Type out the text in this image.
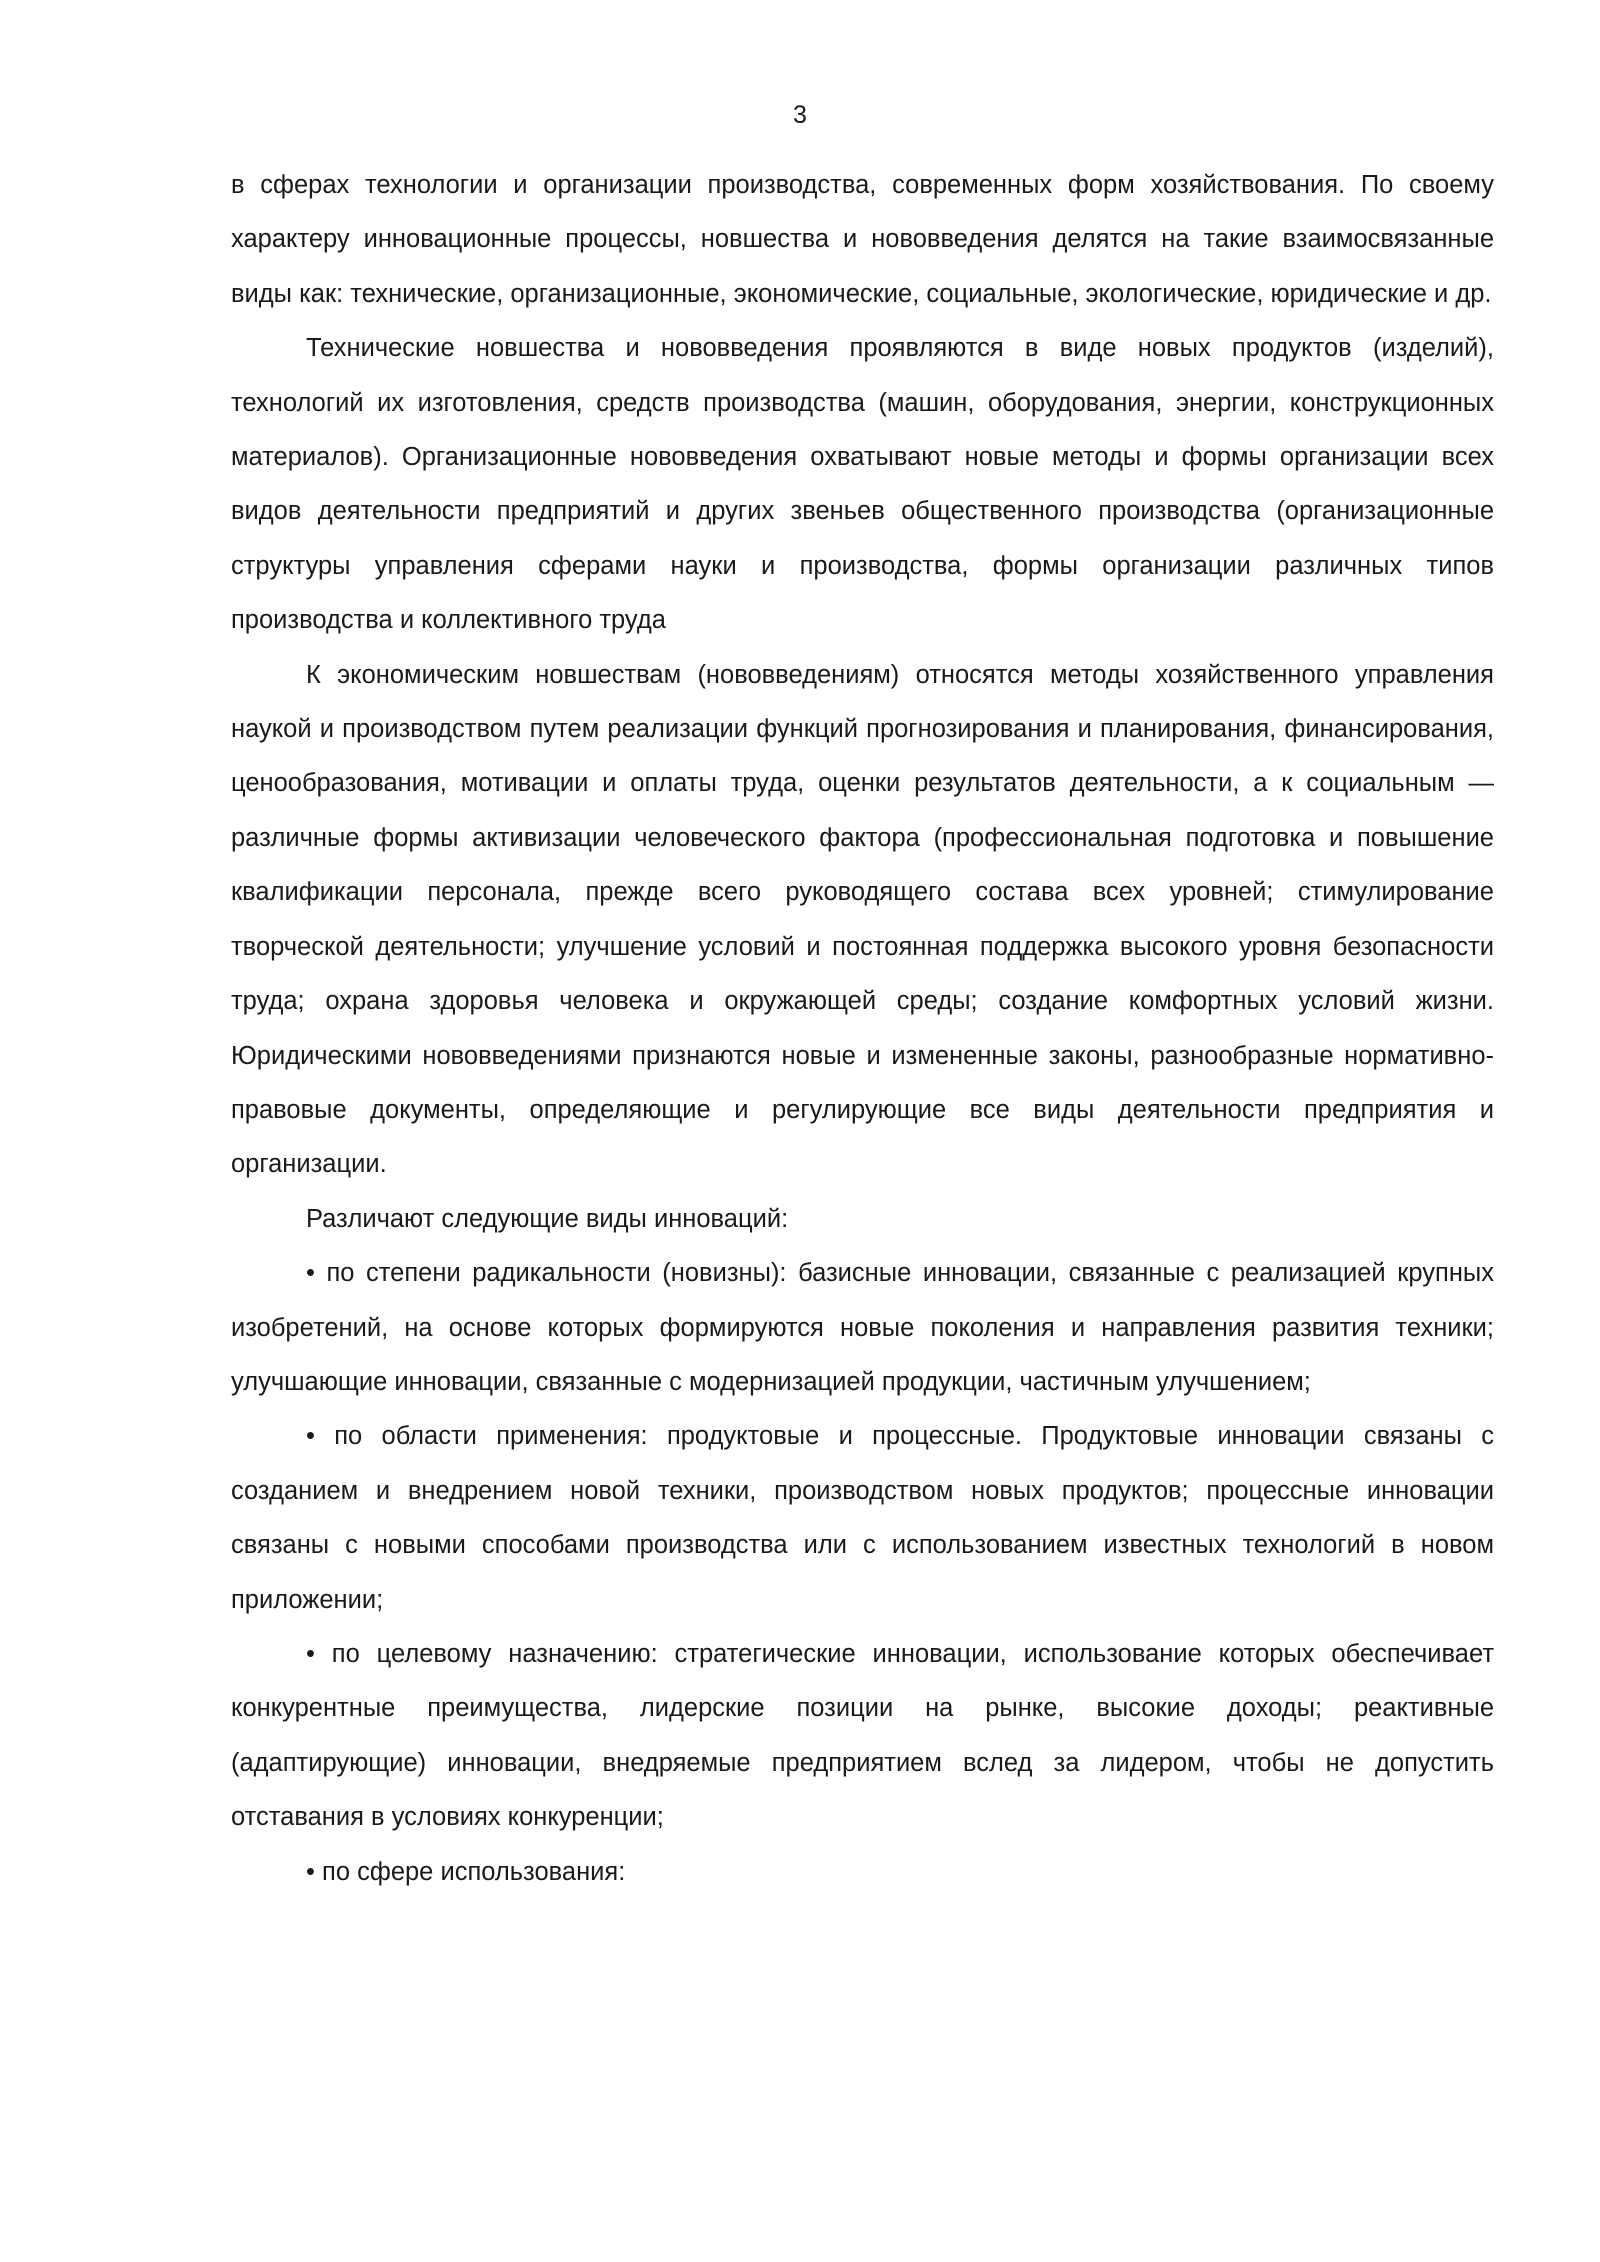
3

в сферах технологии и организации производства, современных форм хозяйствования. По своему характеру инновационные процессы, новшества и нововведения делятся на такие взаимосвязанные виды как: технические, организационные, экономические, социальные, экологические, юридические и др.

Технические новшества и нововведения проявляются в виде новых продуктов (изделий), технологий их изготовления, средств производства (машин, оборудования, энергии, конструкционных материалов). Организационные нововведения охватывают новые методы и формы организации всех видов деятельности предприятий и других звеньев общественного производства (организационные структуры управления сферами науки и производства, формы организации различных типов производства и коллективного труда

К экономическим новшествам (нововведениям) относятся методы хозяйственного управления наукой и производством путем реализации функций прогнозирования и планирования, финансирования, ценообразования, мотивации и оплаты труда, оценки результатов деятельности, а к социальным — различные формы активизации человеческого фактора (профессиональная подготовка и повышение квалификации персонала, прежде всего руководящего состава всех уровней; стимулирование творческой деятельности; улучшение условий и постоянная поддержка высокого уровня безопасности труда; охрана здоровья человека и окружающей среды; создание комфортных условий жизни. Юридическими нововведениями признаются новые и измененные законы, разнообразные нормативно-правовые документы, определяющие и регулирующие все виды деятельности предприятия и организации.

Различают следующие виды инноваций:

• по степени радикальности (новизны): базисные инновации, связанные с реализацией крупных изобретений, на основе которых формируются новые поколения и направления развития техники; улучшающие инновации, связанные с модернизацией продукции, частичным улучшением;

• по области применения: продуктовые и процессные. Продуктовые инновации связаны с созданием и внедрением новой техники, производством новых продуктов; процессные инновации связаны с новыми способами производства или с использованием известных технологий в новом приложении;

• по целевому назначению: стратегические инновации, использование которых обеспечивает конкурентные преимущества, лидерские позиции на рынке, высокие доходы; реактивные (адаптирующие) инновации, внедряемые предприятием вслед за лидером, чтобы не допустить отставания в условиях конкуренции;

• по сфере использования:
